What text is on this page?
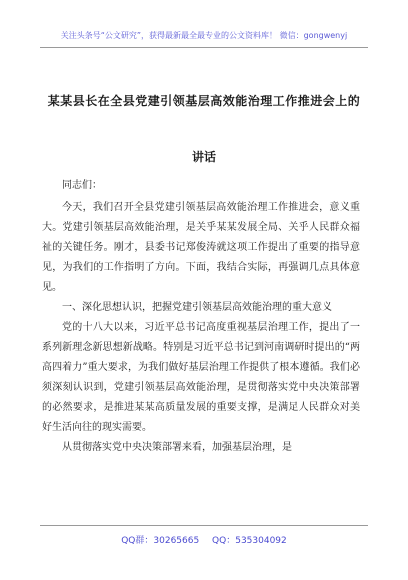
关注头条号“公文研究”，获得最新最全最专业的公文资料库！ 微信：gongwenyj
某某县长在全县党建引领基层高效能治理工作推进会上的
讲话

同志们：

今天，我们召开全县党建引领基层高效能治理工作推进会，意义重大。党建引领基层高效能治理，是关乎某某发展全局、关乎人民群众福祉的关键任务。刚才，县委书记郑俊涛就这项工作提出了重要的指导意见，为我们的工作指明了方向。下面，我结合实际，再强调几点具体意见。

一、深化思想认识，把握党建引领基层高效能治理的重大意义

党的十八大以来，习近平总书记高度重视基层治理工作，提出了一系列新理念新思想新战略。特别是习近平总书记到河南调研时提出的“两高四着力”重大要求，为我们做好基层治理工作提供了根本遵循。我们必须深刻认识到，党建引领基层高效能治理，是贯彻落实党中央决策部署的必然要求，是推进某某高质量发展的重要支撑，是满足人民群众对美好生活向往的现实需要。

从贯彻落实党中央决策部署来看，加强基层治理，是

QQ群：30265665 QQ：535304092
